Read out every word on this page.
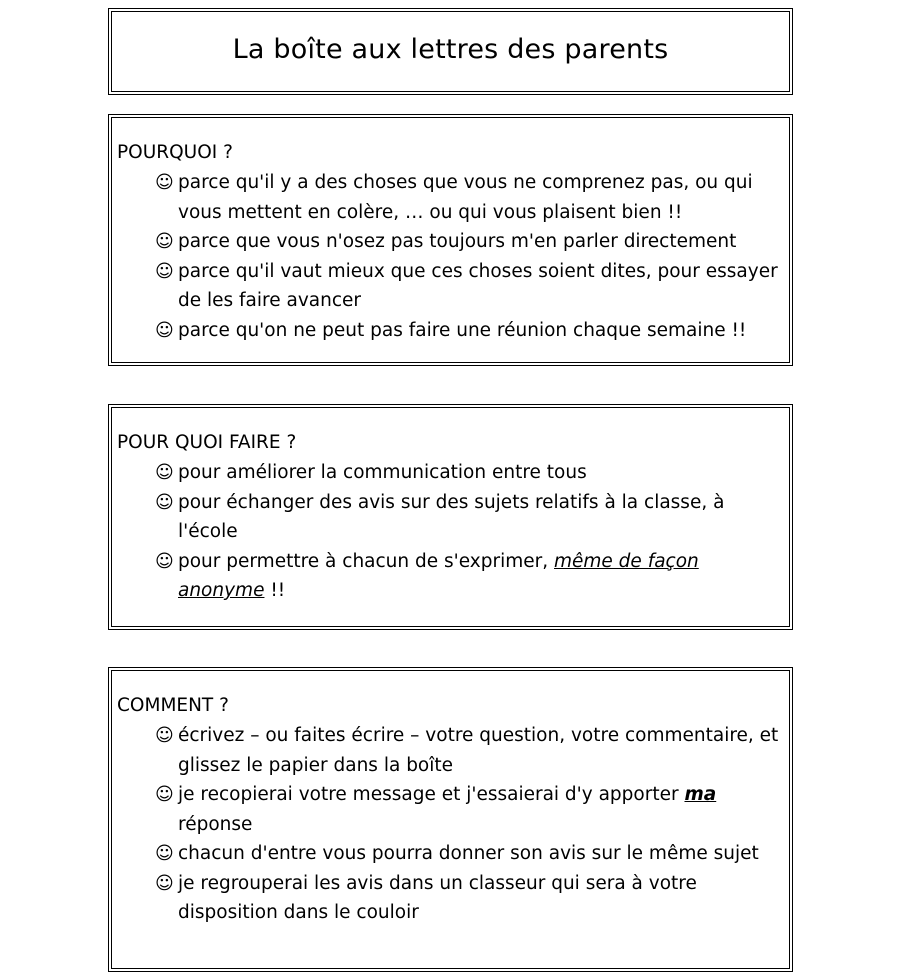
La boîte aux lettres des parents

POURQUOI ?

☺ parce qu'il y a des choses que vous ne comprenez pas, ou qui vous mettent en colère, … ou qui vous plaisent bien !!
☺ parce que vous n'osez pas toujours m'en parler directement
☺ parce qu'il vaut mieux que ces choses soient dites, pour essayer de les faire avancer
☺ parce qu'on ne peut pas faire une réunion chaque semaine !!

POUR QUOI FAIRE ?

☺ pour améliorer la communication entre tous
☺ pour échanger des avis sur des sujets relatifs à la classe, à l'école
☺ pour permettre à chacun de s'exprimer, même de façon anonyme !!

COMMENT ?

☺ écrivez – ou faites écrire – votre question, votre commentaire, et glissez le papier dans la boîte
☺ je recopierai votre message et j'essaierai d'y apporter ma réponse
☺ chacun d'entre vous pourra donner son avis sur le même sujet
☺ je regrouperai les avis dans un classeur qui sera à votre disposition dans le couloir
